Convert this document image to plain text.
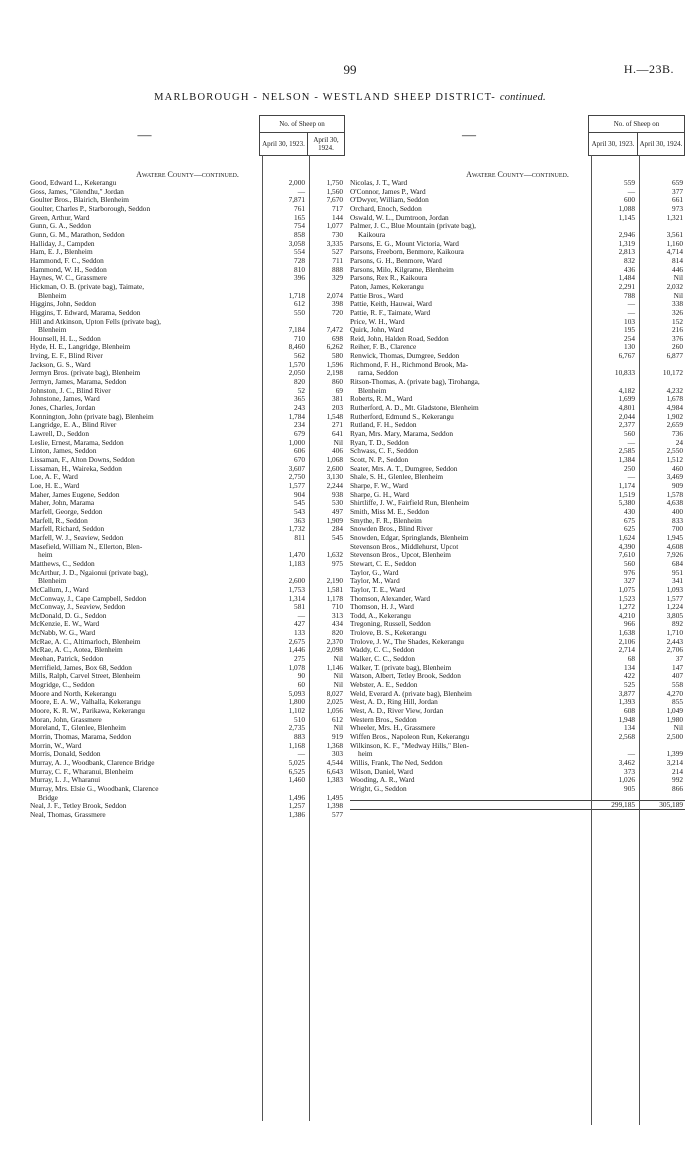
99	H.—23B.
MARLBOROUGH - NELSON - WESTLAND SHEEP DISTRICT- continued.
—	No. of Sheep on	
	April 30, 1923.	April 30, 1924.
Awatere County—continued.
Good, Edward L., Kekerangu	2,000	1,750
Goss, James, "Glendhu," Jordan	—	1,560
Goulter Bros., Blairich, Blenheim	7,871	7,670
Goulter, Charles P., Starborough, Seddon	761	717
Green, Arthur, Ward	165	144
Gunn, G. A., Seddon	754	1,077
Gunn, G. M., Marathon, Seddon	858	730
Halliday, J., Campden	3,058	3,335
Ham, E. J., Blenheim	554	527
Hammond, F. C., Seddon	728	711
Hammond, W. H., Seddon	810	888
Haynes, W. C., Grassmere	396	329
Hickman, O. B. (private bag), Taimate,
Blenheim	1,718	2,074
Higgins, John, Seddon	612	398
Higgins, T. Edward, Marama, Seddon	550	720
Hill and Atkinson, Upton Fells (private bag),
Blenheim	7,184	7,472
Hounsell, H. L., Seddon	710	698
Hyde, H. E., Langridge, Blenheim	8,460	6,262
Irving, E. F., Blind River	562	580
Jackson, G. S., Ward	1,570	1,596
Jermyn Bros. (private bag), Blenheim	2,050	2,198
Jermyn, James, Marama, Seddon	820	860
Johnston, J. C., Blind River	52	69
Johnstone, James, Ward	365	381
Jones, Charles, Jordan	243	203
Konnington, John (private bag), Blenheim	1,784	1,548
Langridge, E. A., Blind River	234	271
Lawrell, D., Seddon	679	641
Leslie, Ernest, Marama, Seddon	1,000	Nil
Linton, James, Seddon	606	406
Lissaman, F., Alton Downs, Seddon	670	1,068
Lissaman, H., Waireka, Seddon	3,607	2,600
Loe, A. F., Ward	2,750	3,130
Loe, H. E., Ward	1,577	2,244
Maher, James Eugene, Seddon	904	938
Maher, John, Marama	545	530
Marfell, George, Seddon	543	497
Marfell, R., Seddon	363	1,909
Marfell, Richard, Seddon	1,732	284
Marfell, W. J., Seaview, Seddon	811	545
Masefield, William N., Ellerton, Blen-
heim	1,470	1,632
Matthews, C., Seddon	1,183	975
McArthur, J. D., Ngaionui (private bag),
Blenheim	2,600	2,190
McCallum, J., Ward	1,753	1,581
McConway, J., Cape Campbell, Seddon	1,314	1,178
McConway, J., Seaview, Seddon	581	710
McDonald, D. G., Seddon	—	313
McKenzie, E. W., Ward	427	434
McNabb, W. G., Ward	133	820
McRae, A. C., Altimarloch, Blenheim	2,675	2,370
McRae, A. C., Aotea, Blenheim	1,446	2,098
Meehan, Patrick, Seddon	275	Nil
Merrifield, James, Box 68, Seddon	1,078	1,146
Mills, Ralph, Carvel Street, Blenheim	90	Nil
Mogridge, C., Seddon	60	Nil
Moore and North, Kekerangu	5,093	8,027
Moore, E. A. W., Valhalla, Kekerangu	1,800	2,025
Moore, K. R. W., Parikawa, Kekerangu	1,102	1,056
Moran, John, Grassmere	510	612
Moreland, T., Glenlee, Blenheim	2,735	Nil
Morrin, Thomas, Marama, Seddon	883	919
Morrin, W., Ward	1,168	1,368
Morris, Donald, Seddon	—	303
Murray, A. J., Woodbank, Clarence Bridge	5,025	4,544
Murray, C. F., Wharanui, Blenheim	6,525	6,643
Murray, L. J., Wharanui	1,460	1,383
Murray, Mrs. Elsie G., Woodbank, Clarence
Bridge	1,496	1,495
Neal, J. F., Tetley Brook, Seddon	1,257	1,398
Neal, Thomas, Grassmere	1,386	577
—	No. of Sheep on	
	April 30, 1923.	April 30, 1924.
Awatere County—continued.
Nicolas, J. T., Ward	559	659
O'Connor, James P., Ward	—	377
O'Dwyer, William, Seddon	600	661
Orchard, Enoch, Seddon	1,088	973
Oswald, W. L., Dumtroon, Jordan	1,145	1,321
Palmer, J. C., Blue Mountain (private bag),
Kaikoura	2,946	3,561
Parsons, E. G., Mount Victoria, Ward	1,319	1,160
Parsons, Freeborn, Benmore, Kaikoura	2,813	4,714
Parsons, G. H., Benmore, Ward	832	814
Parsons, Milo, Kilgrame, Blenheim	436	446
Parsons, Rex R., Kaikoura	1,484	Nil
Paton, James, Kekerangu	2,291	2,032
Pattie Bros., Ward	788	Nil
Pattie, Keith, Hauwai, Ward	—	338
Pattie, R. F., Taimate, Ward	—	326
Price, W. H., Ward	103	152
Quirk, John, Ward	195	216
Reid, John, Halden Road, Seddon	254	376
Reiher, F. B., Clarence	130	260
Renwick, Thomas, Dumgree, Seddon	6,767	6,877
Richmond, F. H., Richmond Brook, Ma-
rama, Seddon	10,833	10,172
Ritson-Thomas, A. (private bag), Tirohanga,
Blenheim	4,182	4,232
Roberts, R. M., Ward	1,699	1,678
Rutherford, A. D., Mt. Gladstone, Blenheim	4,801	4,984
Rutherford, Edmund S., Kekerangu	2,044	1,902
Rutland, F. H., Seddon	2,377	2,659
Ryan, Mrs. Mary, Marama, Seddon	560	736
Ryan, T. D., Seddon	—	24
Schwass, C. F., Seddon	2,585	2,550
Scott, N. P., Seddon	1,384	1,512
Seater, Mrs. A. T., Dumgree, Seddon	250	460
Shale, S. H., Glenlee, Blenheim	—	3,469
Sharpe, F. W., Ward	1,174	909
Sharpe, G. H., Ward	1,519	1,578
Shirtliffe, J. W., Fairfield Run, Blenheim	5,380	4,638
Smith, Miss M. E., Seddon	430	400
Smythe, F. R., Blenheim	675	833
Snowden Bros., Blind River	625	700
Snowden, Edgar, Springlands, Blenheim	1,624	1,945
Stevenson Bros., Middlehurst, Upcot	4,390	4,608
Stevenson Bros., Upcot, Blenheim	7,610	7,926
Stewart, C. E., Seddon	560	684
Taylor, G., Ward	976	951
Taylor, M., Ward	327	341
Taylor, T. E., Ward	1,075	1,093
Thomson, Alexander, Ward	1,523	1,577
Thomson, H. J., Ward	1,272	1,224
Todd, A., Kekerangu	4,210	3,805
Tregoning, Russell, Seddon	966	892
Trolove, B. S., Kekerangu	1,638	1,710
Trolove, J. W., The Shades, Kekerangu	2,106	2,443
Waddy, C. C., Seddon	2,714	2,706
Walker, C. C., Seddon	68	37
Walker, T. (private bag), Blenheim	134	147
Watson, Albert, Tetley Brook, Seddon	422	407
Webster, A. E., Seddon	525	558
Weld, Everard A. (private bag), Blenheim	3,877	4,270
West, A. D., Ring Hill, Jordan	1,393	855
West, A. D., River View, Jordan	608	1,049
Western Bros., Seddon	1,948	1,980
Wheeler, Mrs. H., Grassmere	134	Nil
Wiffen Bros., Napoleon Run, Kekerangu	2,568	2,500
Wilkinson, K. F., "Medway Hills," Blen-
heim	—	1,399
Willis, Frank, The Ned, Seddon	3,462	3,214
Wilson, Daniel, Ward	373	214
Wooding, A. R., Ward	1,026	992
Wright, G., Seddon	905	866
299,185	305,189
